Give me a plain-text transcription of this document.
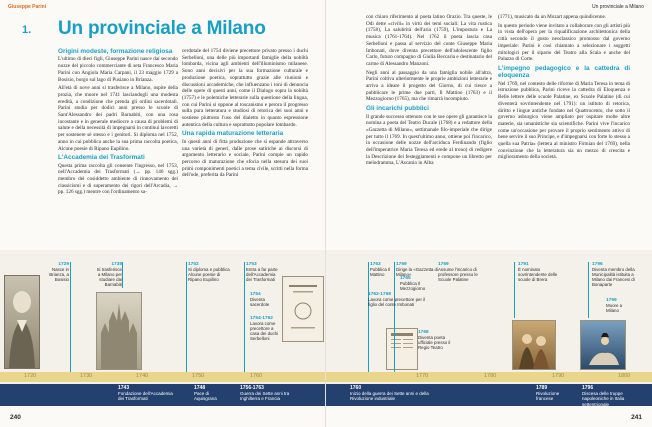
Giuseppe Parini
1. Un provinciale a Milano
Origini modeste, formazione religiosa

L'ultimo di dieci figli, Giuseppe Parini nasce daí secondo nozze del piccolo commerciante di seta Francesco Maria Parini con Angiola Maria Carpani, il 23 maggio 1729 a Bosisio, borgo sul lago di Pusiano in Brianza.

All'età di nove anni si trasferisce a Milano, ospite della prozia, che muore nel 1741 lasciandogli una modesta eredità, a condizione che prenda gli ordini sacerdotali. Parini studia per dodici anni presso le scuole di Sant'Alessandro dei padri Barnabiti, con una rosa incostante e in generale mediocre a causa di problemi di salute e della necessità di impegnarsi in continui lavoretti per sostenere sé stesso e i genitori. Si diploma nel 1752, anno in cui pubblica anche la sua prima raccolta poetica, Alcune poesie di Ripano Eupilino.

L'Accademia dei Trasformati

Questa prima raccolta gli consente l'ingresso, nel 1753, nell'Accademia dei Trasformati (→ pp. 146 sgg.) membro del cosiddetto ambiente di rinnovamento dei classicismi e di superamento dei rigori dell'Arcadia, → pp. 126 sgg.) mentre con l'ordinamento sa-

cerdotale del 1754 diviene precettore privato presso i duchi Serbelloni, una delle più importanti famiglie della nobiltà lombarda, vicina agli ambienti dell'illuminismo milanese. Sono anni decisivi per la sua formazione culturale e produzione poetica, soprattutto grazie alle riunioni e discussioni accademiche, che influenzano i toni di denuncia delle opere di questi anni, come il Dialogo sopra la nobiltà (1757) e le polemiche letterarie sulla questione della lingua, con cui Parini si oppone al toscanismo e perora il progresso sulla pura letteratura e studiosi di retorica dei suoi anni e sostiene piuttosto l'uso del dialetto in quanto espressione autentica della cultura e soprattutto popolare lombardo.

Una rapida maturazione letteraria

In questi anni di fitta produzione che si espande attraverso una varietà di generi, dalle prose satiriche ai discorsi di argomento letterario e sociale, Parini compie un rapido percorso di maturazione che sfocia nella stesura dei suoi primi componimenti poetici a tema civile, scritti nella forma dell'ode, preferita da Parini

1729
Nasce in Brianza, a Bosisio
1738
Si trasferisce a Milano per studiare dai Barnabiti
1752
Si diploma e pubblica Alcune poesie di Ripano Eupilino
1753
Entra a far parte dell'Accademia dei Trasformati
1754
Diventa sacerdote
1754-1762
Lavora come precettore a casa dei duchi Serbelloni
1720	1730	1740	1750	1760
1743
Fondazione dell'Accademia dei Trasformati
1748
Pace di Aquisgrana
1756-1763
Guerra dei Sette anni tra Inghilterra e Francia
240
Un provinciale a Milano

con chiaro riferimento al poeta latino Orazio. Tra queste, le Odi dette «civili» in virtù dei temi sociali: La vita rustica (1758), La salubrità dell'aria (1759), L'impostura e La musica (1761-1764). Nel 1762 il poeta lascia casa Serbelloni e passa al servizio del conte Giuseppe Maria Imbonati, dove diventa precettore dell'adolescente figlio Carlo, futuro compagno di Giulia Beccaria e destinatario del carme di Alessandro Manzoni.

Negli anni al passaggio da una famiglia nobile all'altra, Parini coltiva ulteriormente le proprie ambizioni letterarie e arriva a ideare il progetto del Giorno, di cui riesce a pubblicare le prime due parti, Il Mattino (1763) e il Mezzogiorno (1765), ma che rimarrà incompiuto.

Gli incarichi pubblici

Il grande successo ottenuto con le sue opere gli garantisce la nomina a poeta del Teatro Ducale (1768) e a redattore della «Gazzetta di Milano», settimanale filo-imperiale che dirige per tutto il 1769. In quest'ultimo anno, ottiene poi l'incarico, in occasione delle nozze dell'arciduca Ferdinando (figlio dell'imperatrice Maria Teresa ed erede al trono) di redigere la Descrizione dei festeggiamenti e compone un libretto per melodramma, L'Ascanio in Alba

(1771), musicato da un Mozart appena quindicenne.

In questo periodo viene invitato a collaborare con gli artisti più in vista dell'opera per la riqualificazione architettonica della città secondo il gusto neoclassico promosso dal governo imperiale: Parini è così chiamato a selezionare i soggetti mitologici per il sipario del Teatro alla Scala e anche del Palazzo di Corte.

L'impegno pedagogico e la cattedra di eloquenza

Nel 1769, nel contesto delle riforme di Maria Teresa in tema di istruzione pubblica, Parini riceve la cattedra di Eloquenza e Belle lettere delle scuole Palatine, ex Scuole Palatine (di cui diventerà sovrintendente nel 1791): un istituto di retorica, diritto e lingue antiche fondato nel Quattrocento, che sotto il governo asburgico viene ampliato per ospitare molte altre materie, sia umanistiche sia scientifiche. Parini vive l'incarico come un'occasione per provare il proprio sentimento attivo di bene servire il suo Principe, e d'impegnarsi con forte lo stesso a quella sua Patria» (lettera al ministro Firmian del 1769), nella convinzione che la letteratura sia un mezzo di crescita e miglioramento della società.

1763
Pubblica Il Mattino
1769
Dirige la «Gazzetta di Milano»
1769
Assume l'incarico di professore presso le Scuole Palatine
1765
Pubblica Il Mezzogiorno
1762-1768
Lavora come precettore per il figlio del conte Imbonati
1768
Diventa poeta ufficiale presso il Regio Teatro
1791
È nominato sovrintendente delle scuole di Brera
1796
Diventa membro della Municipalità istituita a Milano dai Francesi di Bonaparte
1799
Muore a Milano
1770	1780	1790	1800
1760
Inizio della guerra dei Sette anni e della Rivoluzione industriale
1789
Rivoluzione francese
1796
Discesa delle truppe napoleoniche in Italia settentrionale
241
